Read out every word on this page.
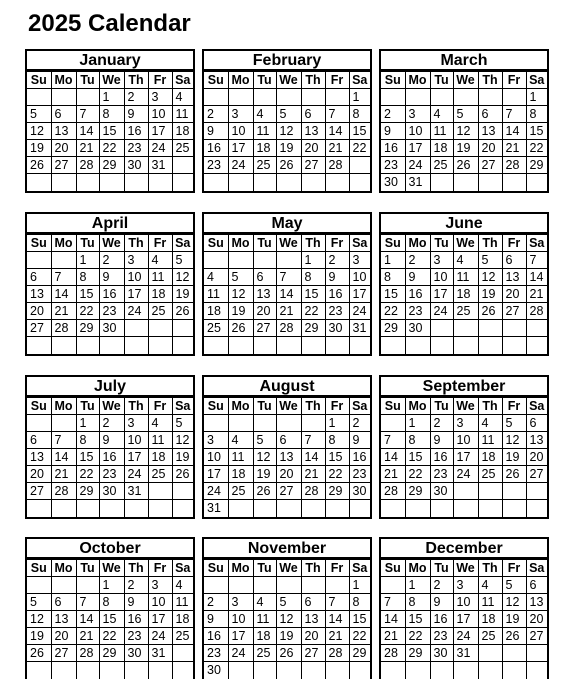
2025 Calendar
January
Su	Mo	Tu	We	Th	Fr	Sa
			1	2	3	4
5	6	7	8	9	10	11
12	13	14	15	16	17	18
19	20	21	22	23	24	25
26	27	28	29	30	31	

February
Su	Mo	Tu	We	Th	Fr	Sa
						1
2	3	4	5	6	7	8
9	10	11	12	13	14	15
16	17	18	19	20	21	22
23	24	25	26	27	28	

March
Su	Mo	Tu	We	Th	Fr	Sa
						1
2	3	4	5	6	7	8
9	10	11	12	13	14	15
16	17	18	19	20	21	22
23	24	25	26	27	28	29
30	31					
April
Su	Mo	Tu	We	Th	Fr	Sa
		1	2	3	4	5
6	7	8	9	10	11	12
13	14	15	16	17	18	19
20	21	22	23	24	25	26
27	28	29	30			

May
Su	Mo	Tu	We	Th	Fr	Sa
				1	2	3
4	5	6	7	8	9	10
11	12	13	14	15	16	17
18	19	20	21	22	23	24
25	26	27	28	29	30	31

June
Su	Mo	Tu	We	Th	Fr	Sa
1	2	3	4	5	6	7
8	9	10	11	12	13	14
15	16	17	18	19	20	21
22	23	24	25	26	27	28
29	30					

July
Su	Mo	Tu	We	Th	Fr	Sa
		1	2	3	4	5
6	7	8	9	10	11	12
13	14	15	16	17	18	19
20	21	22	23	24	25	26
27	28	29	30	31		

August
Su	Mo	Tu	We	Th	Fr	Sa
					1	2
3	4	5	6	7	8	9
10	11	12	13	14	15	16
17	18	19	20	21	22	23
24	25	26	27	28	29	30
31						
September
Su	Mo	Tu	We	Th	Fr	Sa
	1	2	3	4	5	6
7	8	9	10	11	12	13
14	15	16	17	18	19	20
21	22	23	24	25	26	27
28	29	30				

October
Su	Mo	Tu	We	Th	Fr	Sa
			1	2	3	4
5	6	7	8	9	10	11
12	13	14	15	16	17	18
19	20	21	22	23	24	25
26	27	28	29	30	31	

November
Su	Mo	Tu	We	Th	Fr	Sa
						1
2	3	4	5	6	7	8
9	10	11	12	13	14	15
16	17	18	19	20	21	22
23	24	25	26	27	28	29
30						
December
Su	Mo	Tu	We	Th	Fr	Sa
	1	2	3	4	5	6
7	8	9	10	11	12	13
14	15	16	17	18	19	20
21	22	23	24	25	26	27
28	29	30	31			
